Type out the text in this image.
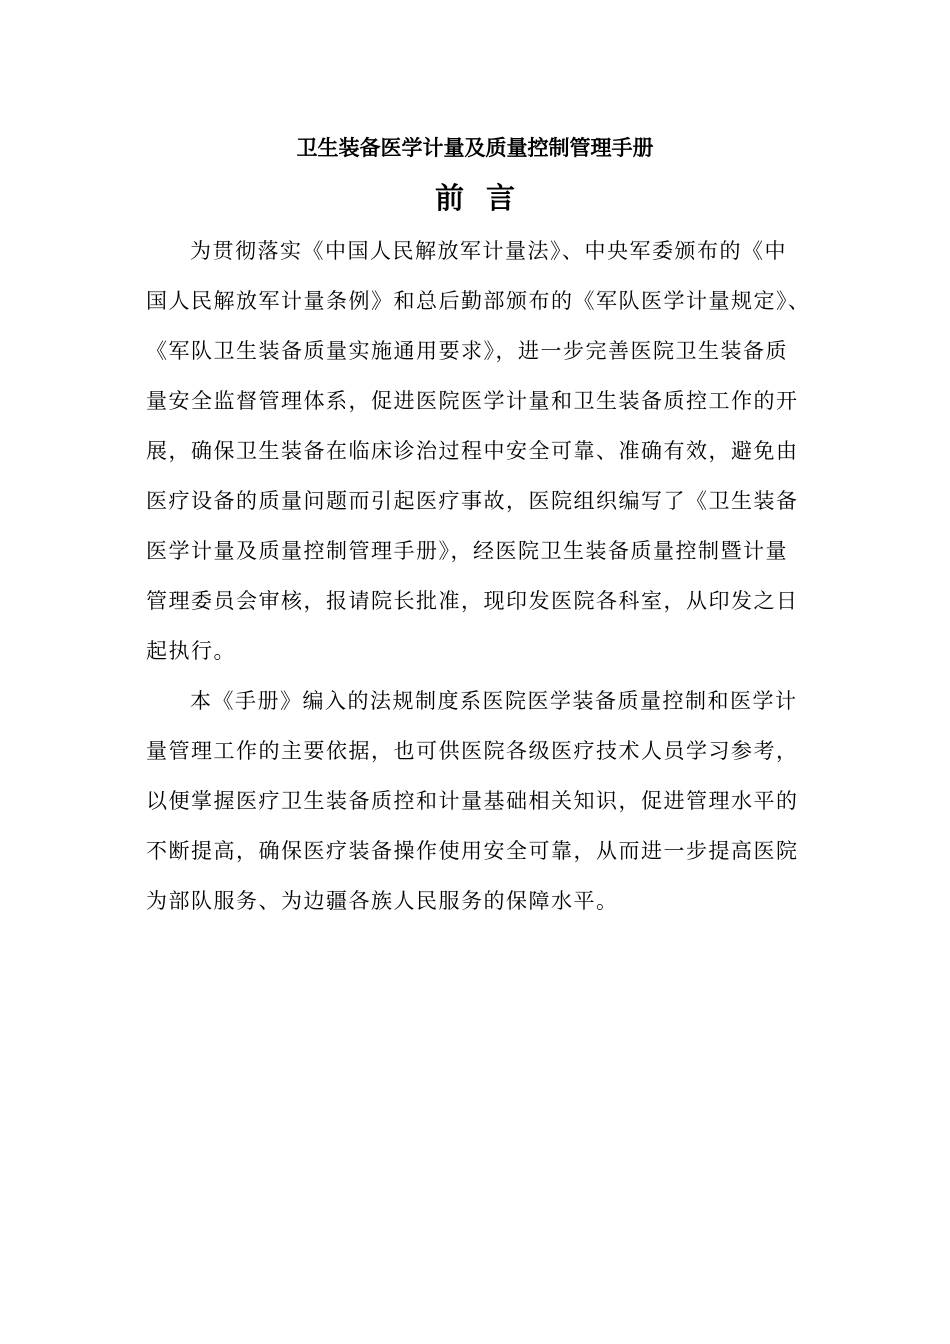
卫生装备医学计量及质量控制管理手册
前言

为贯彻落实《中国人民解放军计量法》、中央军委颁布的《中
国人民解放军计量条例》和总后勤部颁布的《军队医学计量规定》、
《军队卫生装备质量实施通用要求》，进一步完善医院卫生装备质
量安全监督管理体系，促进医院医学计量和卫生装备质控工作的开
展，确保卫生装备在临床诊治过程中安全可靠、准确有效，避免由
医疗设备的质量问题而引起医疗事故，医院组织编写了《卫生装备
医学计量及质量控制管理手册》，经医院卫生装备质量控制暨计量
管理委员会审核，报请院长批准，现印发医院各科室，从印发之日
起执行。

本《手册》编入的法规制度系医院医学装备质量控制和医学计
量管理工作的主要依据，也可供医院各级医疗技术人员学习参考，
以便掌握医疗卫生装备质控和计量基础相关知识，促进管理水平的
不断提高，确保医疗装备操作使用安全可靠，从而进一步提高医院
为部队服务、为边疆各族人民服务的保障水平。
